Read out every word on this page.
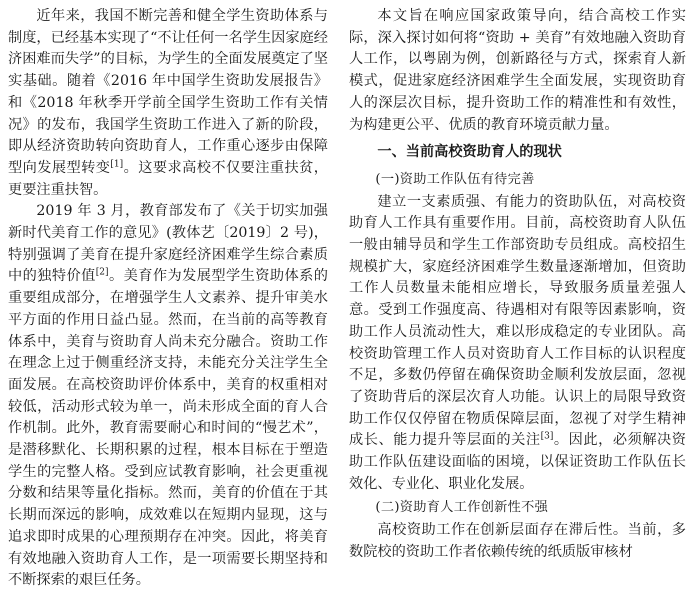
近年来，我国不断完善和健全学生资助体系与制度，已经基本实现了“不让任何一名学生因家庭经济困难而失学”的目标，为学生的全面发展奠定了坚实基础。随着《2016 年中国学生资助发展报告》和《2018 年秋季开学前全国学生资助工作有关情况》的发布，我国学生资助工作进入了新的阶段，即从经济资助转向资助育人，工作重心逐步由保障型向发展型转变[1]。这要求高校不仅要注重扶贫，更要注重扶智。

2019 年 3 月，教育部发布了《关于切实加强新时代美育工作的意见》(教体艺〔2019〕2 号)，特别强调了美育在提升家庭经济困难学生综合素质中的独特价值[2]。美育作为发展型学生资助体系的重要组成部分，在增强学生人文素养、提升审美水平方面的作用日益凸显。然而，在当前的高等教育体系中，美育与资助育人尚未充分融合。资助工作在理念上过于侧重经济支持，未能充分关注学生全面发展。在高校资助评价体系中，美育的权重相对较低，活动形式较为单一，尚未形成全面的育人合作机制。此外，教育需要耐心和时间的“慢艺术”，是潜移默化、长期积累的过程，根本目标在于塑造学生的完整人格。受到应试教育影响，社会更重视分数和结果等量化指标。然而，美育的价值在于其长期而深远的影响，成效难以在短期内显现，这与追求即时成果的心理预期存在冲突。因此，将美育有效地融入资助育人工作，是一项需要长期坚持和不断探索的艰巨任务。

本文旨在响应国家政策导向，结合高校工作实际，深入探讨如何将“资助 + 美育”有效地融入资助育人工作，以粤剧为例，创新路径与方式，探索育人新模式，促进家庭经济困难学生全面发展，实现资助育人的深层次目标，提升资助工作的精准性和有效性，为构建更公平、优质的教育环境贡献力量。

一、当前高校资助育人的现状
(一)资助工作队伍有待完善

建立一支素质强、有能力的资助队伍，对高校资助育人工作具有重要作用。目前，高校资助育人队伍一般由辅导员和学生工作部资助专员组成。高校招生规模扩大，家庭经济困难学生数量逐渐增加，但资助工作人员数量未能相应增长，导致服务质量差强人意。受到工作强度高、待遇相对有限等因素影响，资助工作人员流动性大，难以形成稳定的专业团队。高校资助管理工作人员对资助育人工作目标的认识程度不足，多数仍停留在确保资助金顺利发放层面，忽视了资助背后的深层次育人功能。认识上的局限导致资助工作仅仅停留在物质保障层面，忽视了对学生精神成长、能力提升等层面的关注[3]。因此，必须解决资助工作队伍建设面临的困境，以保证资助工作队伍长效化、专业化、职业化发展。

(二)资助育人工作创新性不强

高校资助工作在创新层面存在滞后性。当前，多数院校的资助工作者依赖传统的纸质版审核材
